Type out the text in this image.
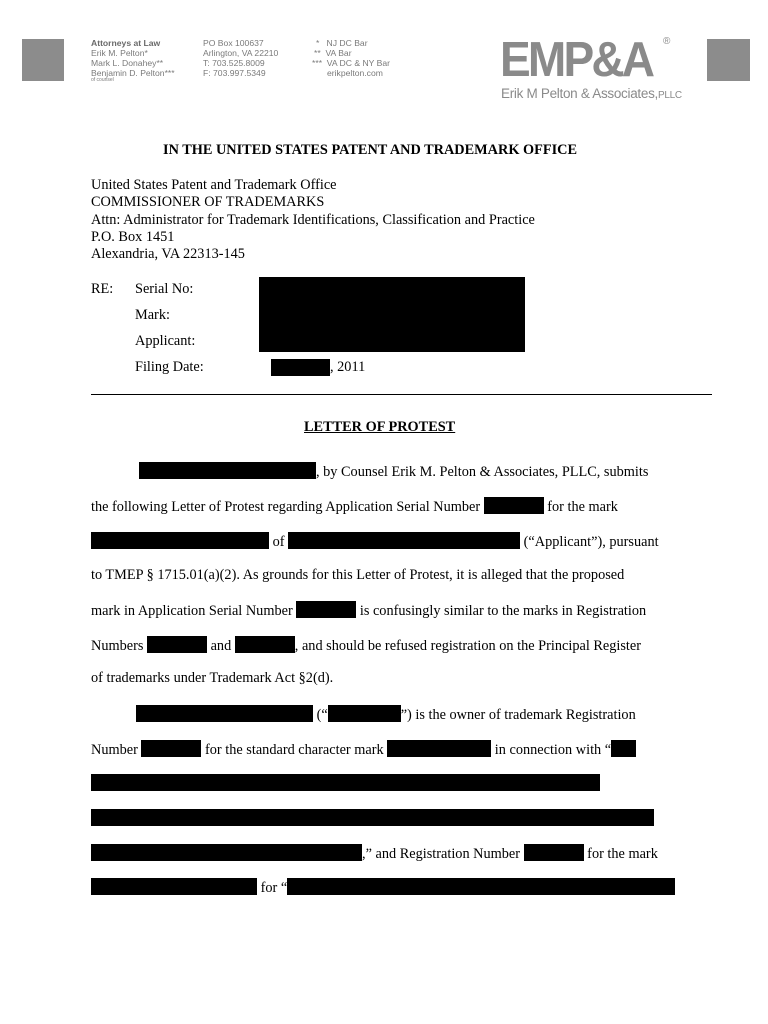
Attorneys at Law
Erik M. Pelton*
Mark L. Donahey**
Benjamin D. Pelton***
of counsel
PO Box 100637
Arlington, VA 22210
T: 703.525.8009
F: 703.997.5349
*   NJ DC Bar
**  VA Bar
***  VA DC & NY Bar
erikpelton.com EMP&A	®
Erik M Pelton & Associates,PLLC
IN THE UNITED STATES PATENT AND TRADEMARK OFFICE
United States Patent and Trademark Office
COMMISSIONER OF TRADEMARKS
Attn: Administrator for Trademark Identifications, Classification and Practice
P.O. Box 1451
Alexandria, VA 22313-145
RE: Serial No:
Mark:
Applicant:
Filing Date:	, 2011
LETTER OF PROTEST
, by Counsel Erik M. Pelton & Associates, PLLC, submits
the following Letter of Protest regarding Application Serial Number	for the mark
of	(“Applicant”), pursuant
to TMEP § 1715.01(a)(2). As grounds for this Letter of Protest, it is alleged that the proposed
mark in Application Serial Number	is confusingly similar to the marks in Registration
Numbers	and	, and should be refused registration on the Principal Register
of trademarks under Trademark Act §2(d).
(“	”) is the owner of trademark Registration
Number	for the standard character mark	in connection with “
,” and Registration Number	for the mark
for “
